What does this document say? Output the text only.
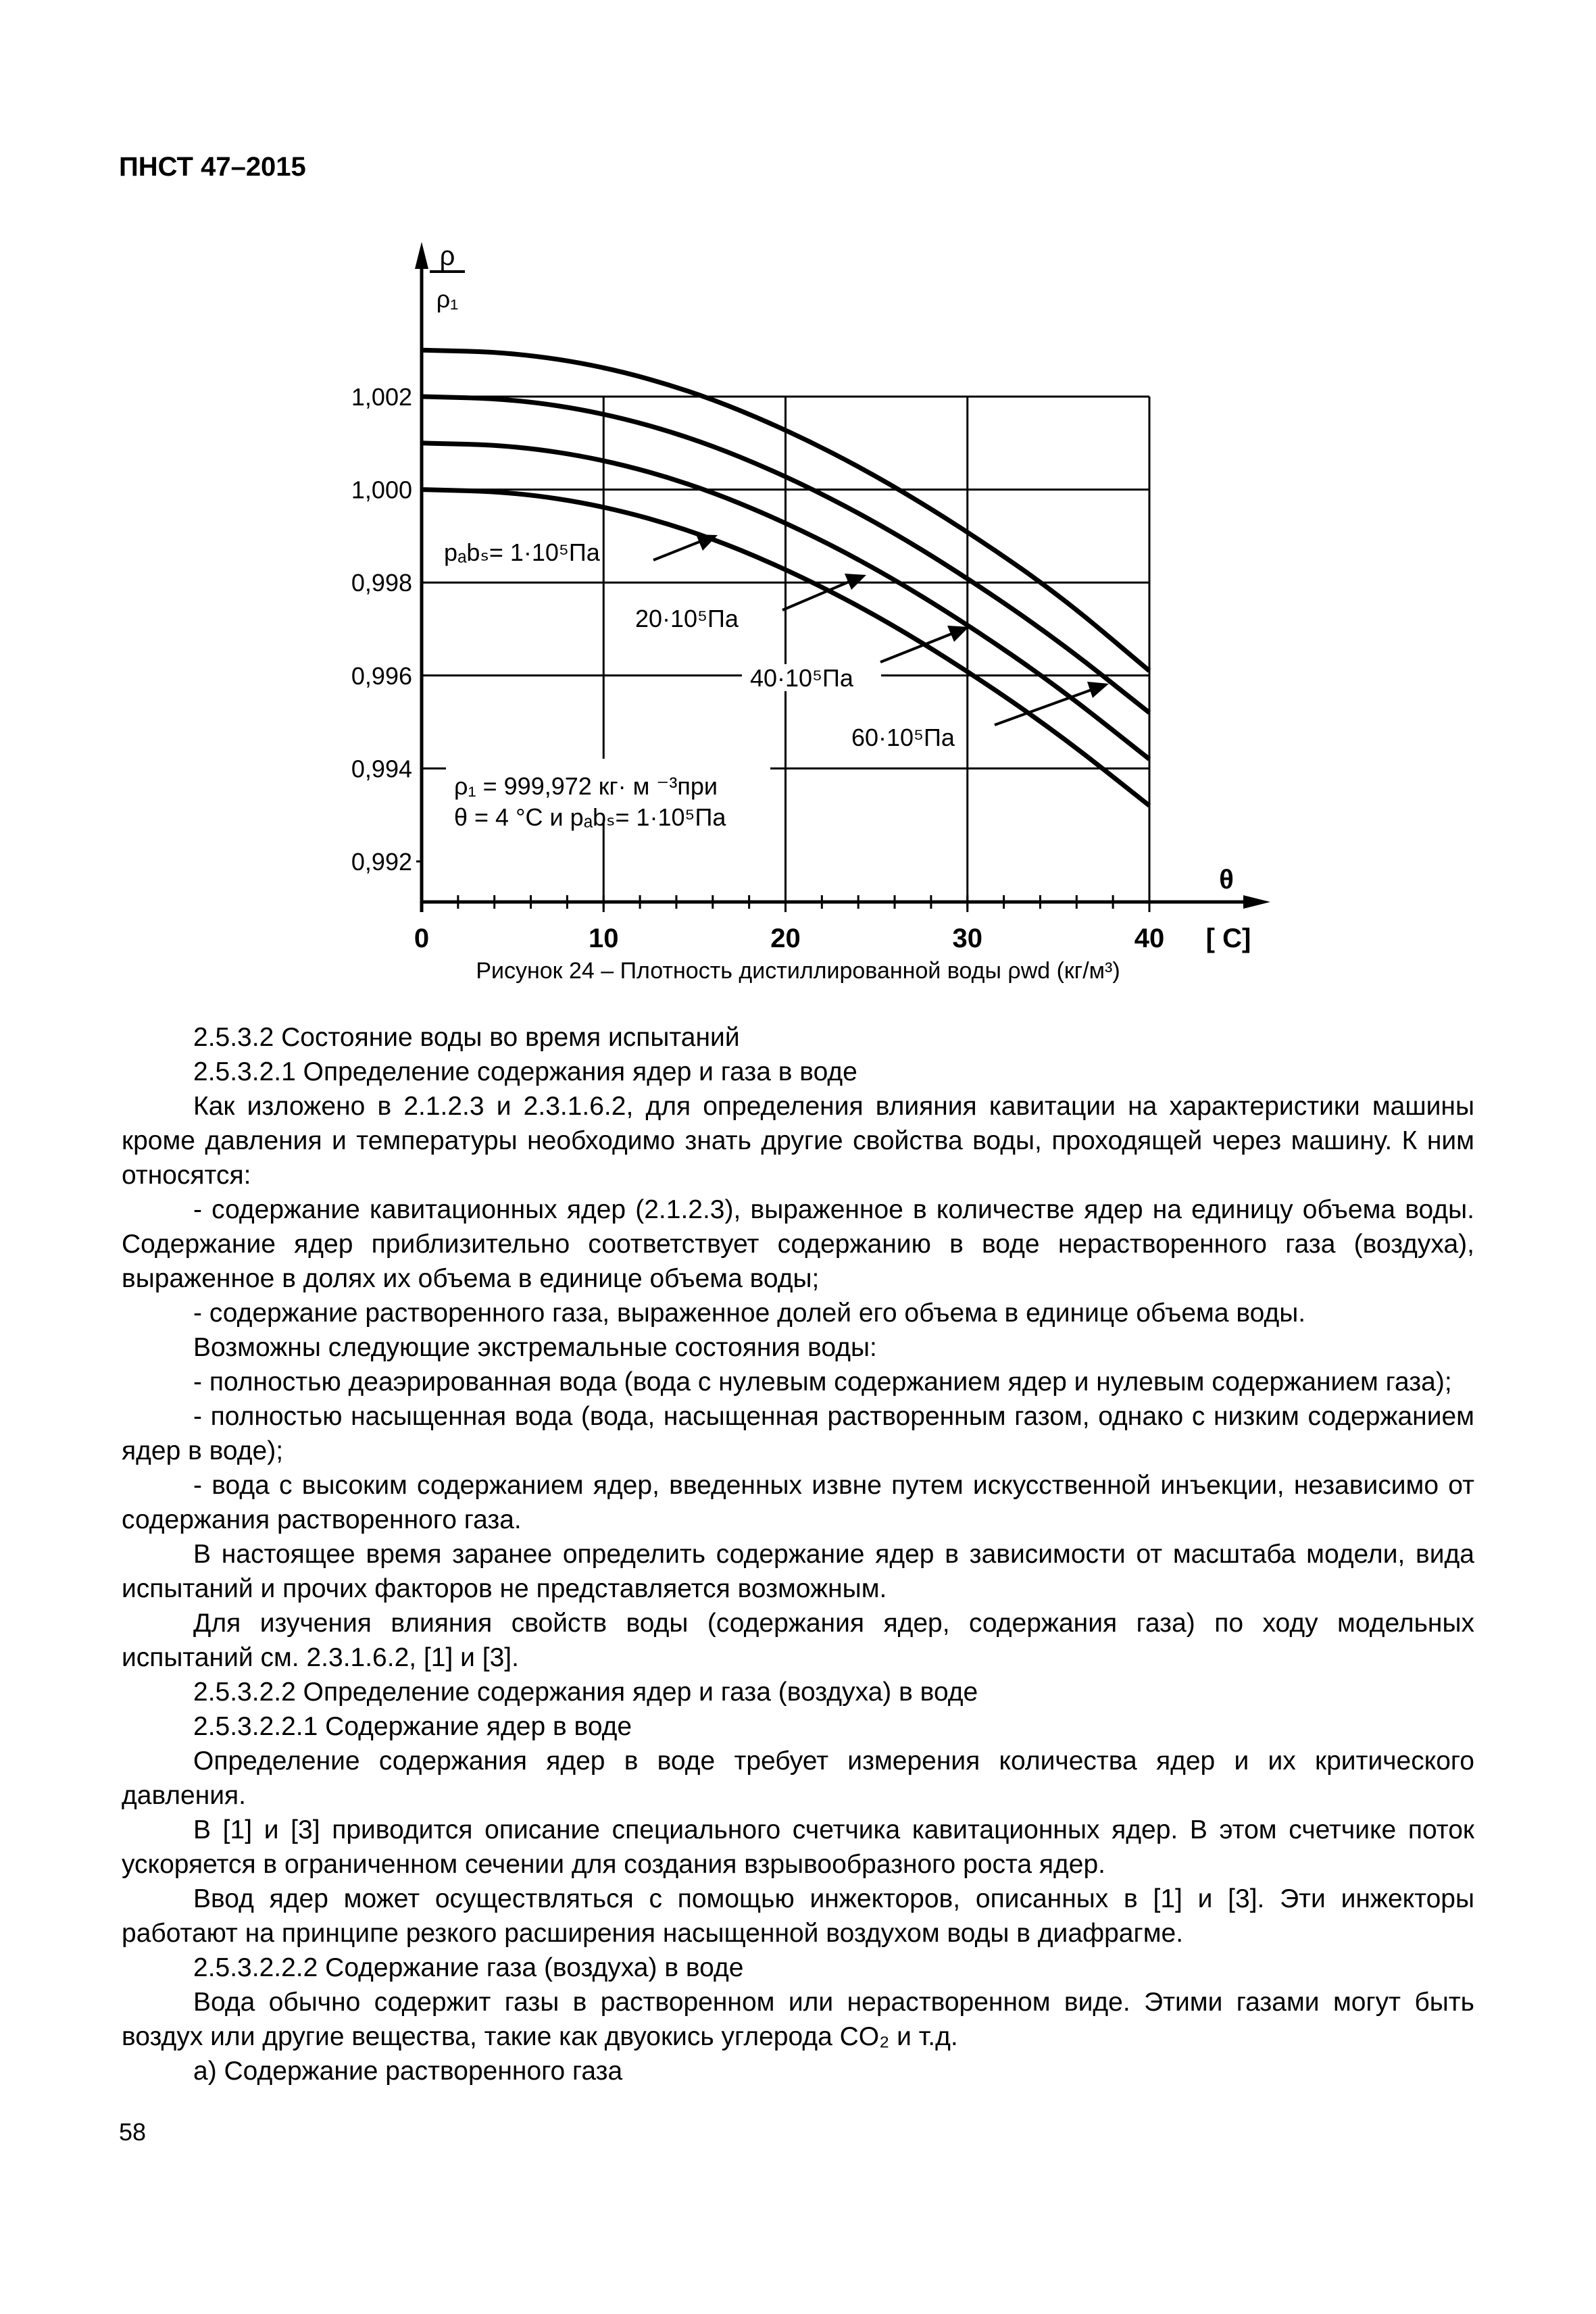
ПНСТ 47–2015
ρ
ρ₁
θ
[ C]
1,002
1,000
0,998
0,996
0,994
0,992
0	10	20	30	40
pₐbₛ= 1·10⁵Па
20·10⁵Па
40·10⁵Па
60·10⁵Па
ρ₁ = 999,972 кг· м ⁻³при
θ = 4 °C и pₐbₛ= 1·10⁵Па
Рисунок 24 – Плотность дистиллированной воды ρwd (кг/м³)

2.5.3.2 Состояние воды во время испытаний

2.5.3.2.1 Определение содержания ядер и газа в воде

Как изложено в 2.1.2.3 и 2.3.1.6.2, для определения влияния кавитации на характеристики машины кроме давления и температуры необходимо знать другие свойства воды, проходящей через машину. К ним относятся:

- содержание кавитационных ядер (2.1.2.3), выраженное в количестве ядер на единицу объема воды. Содержание ядер приблизительно соответствует содержанию в воде нерастворенного газа (воздуха), выраженное в долях их объема в единице объема воды;

- содержание растворенного газа, выраженное долей его объема в единице объема воды.

Возможны следующие экстремальные состояния воды:

- полностью деаэрированная вода (вода с нулевым содержанием ядер и нулевым содержанием газа);

- полностью насыщенная вода (вода, насыщенная растворенным газом, однако с низким содержанием ядер в воде);

- вода с высоким содержанием ядер, введенных извне путем искусственной инъекции, независимо от содержания растворенного газа.

В настоящее время заранее определить содержание ядер в зависимости от масштаба модели, вида испытаний и прочих факторов не представляется возможным.

Для изучения влияния свойств воды (содержания ядер, содержания газа) по ходу модельных испытаний см. 2.3.1.6.2, [1] и [3].

2.5.3.2.2 Определение содержания ядер и газа (воздуха) в воде

2.5.3.2.2.1 Содержание ядер в воде

Определение содержания ядер в воде требует измерения количества ядер и их критического давления.

В [1] и [3] приводится описание специального счетчика кавитационных ядер. В этом счетчике поток ускоряется в ограниченном сечении для создания взрывообразного роста ядер.

Ввод ядер может осуществляться с помощью инжекторов, описанных в [1] и [3]. Эти инжекторы работают на принципе резкого расширения насыщенной воздухом воды в диафрагме.

2.5.3.2.2.2 Содержание газа (воздуха) в воде

Вода обычно содержит газы в растворенном или нерастворенном виде. Этими газами могут быть воздух или другие вещества, такие как двуокись углерода CO₂ и т.д.

а) Содержание растворенного газа

58
